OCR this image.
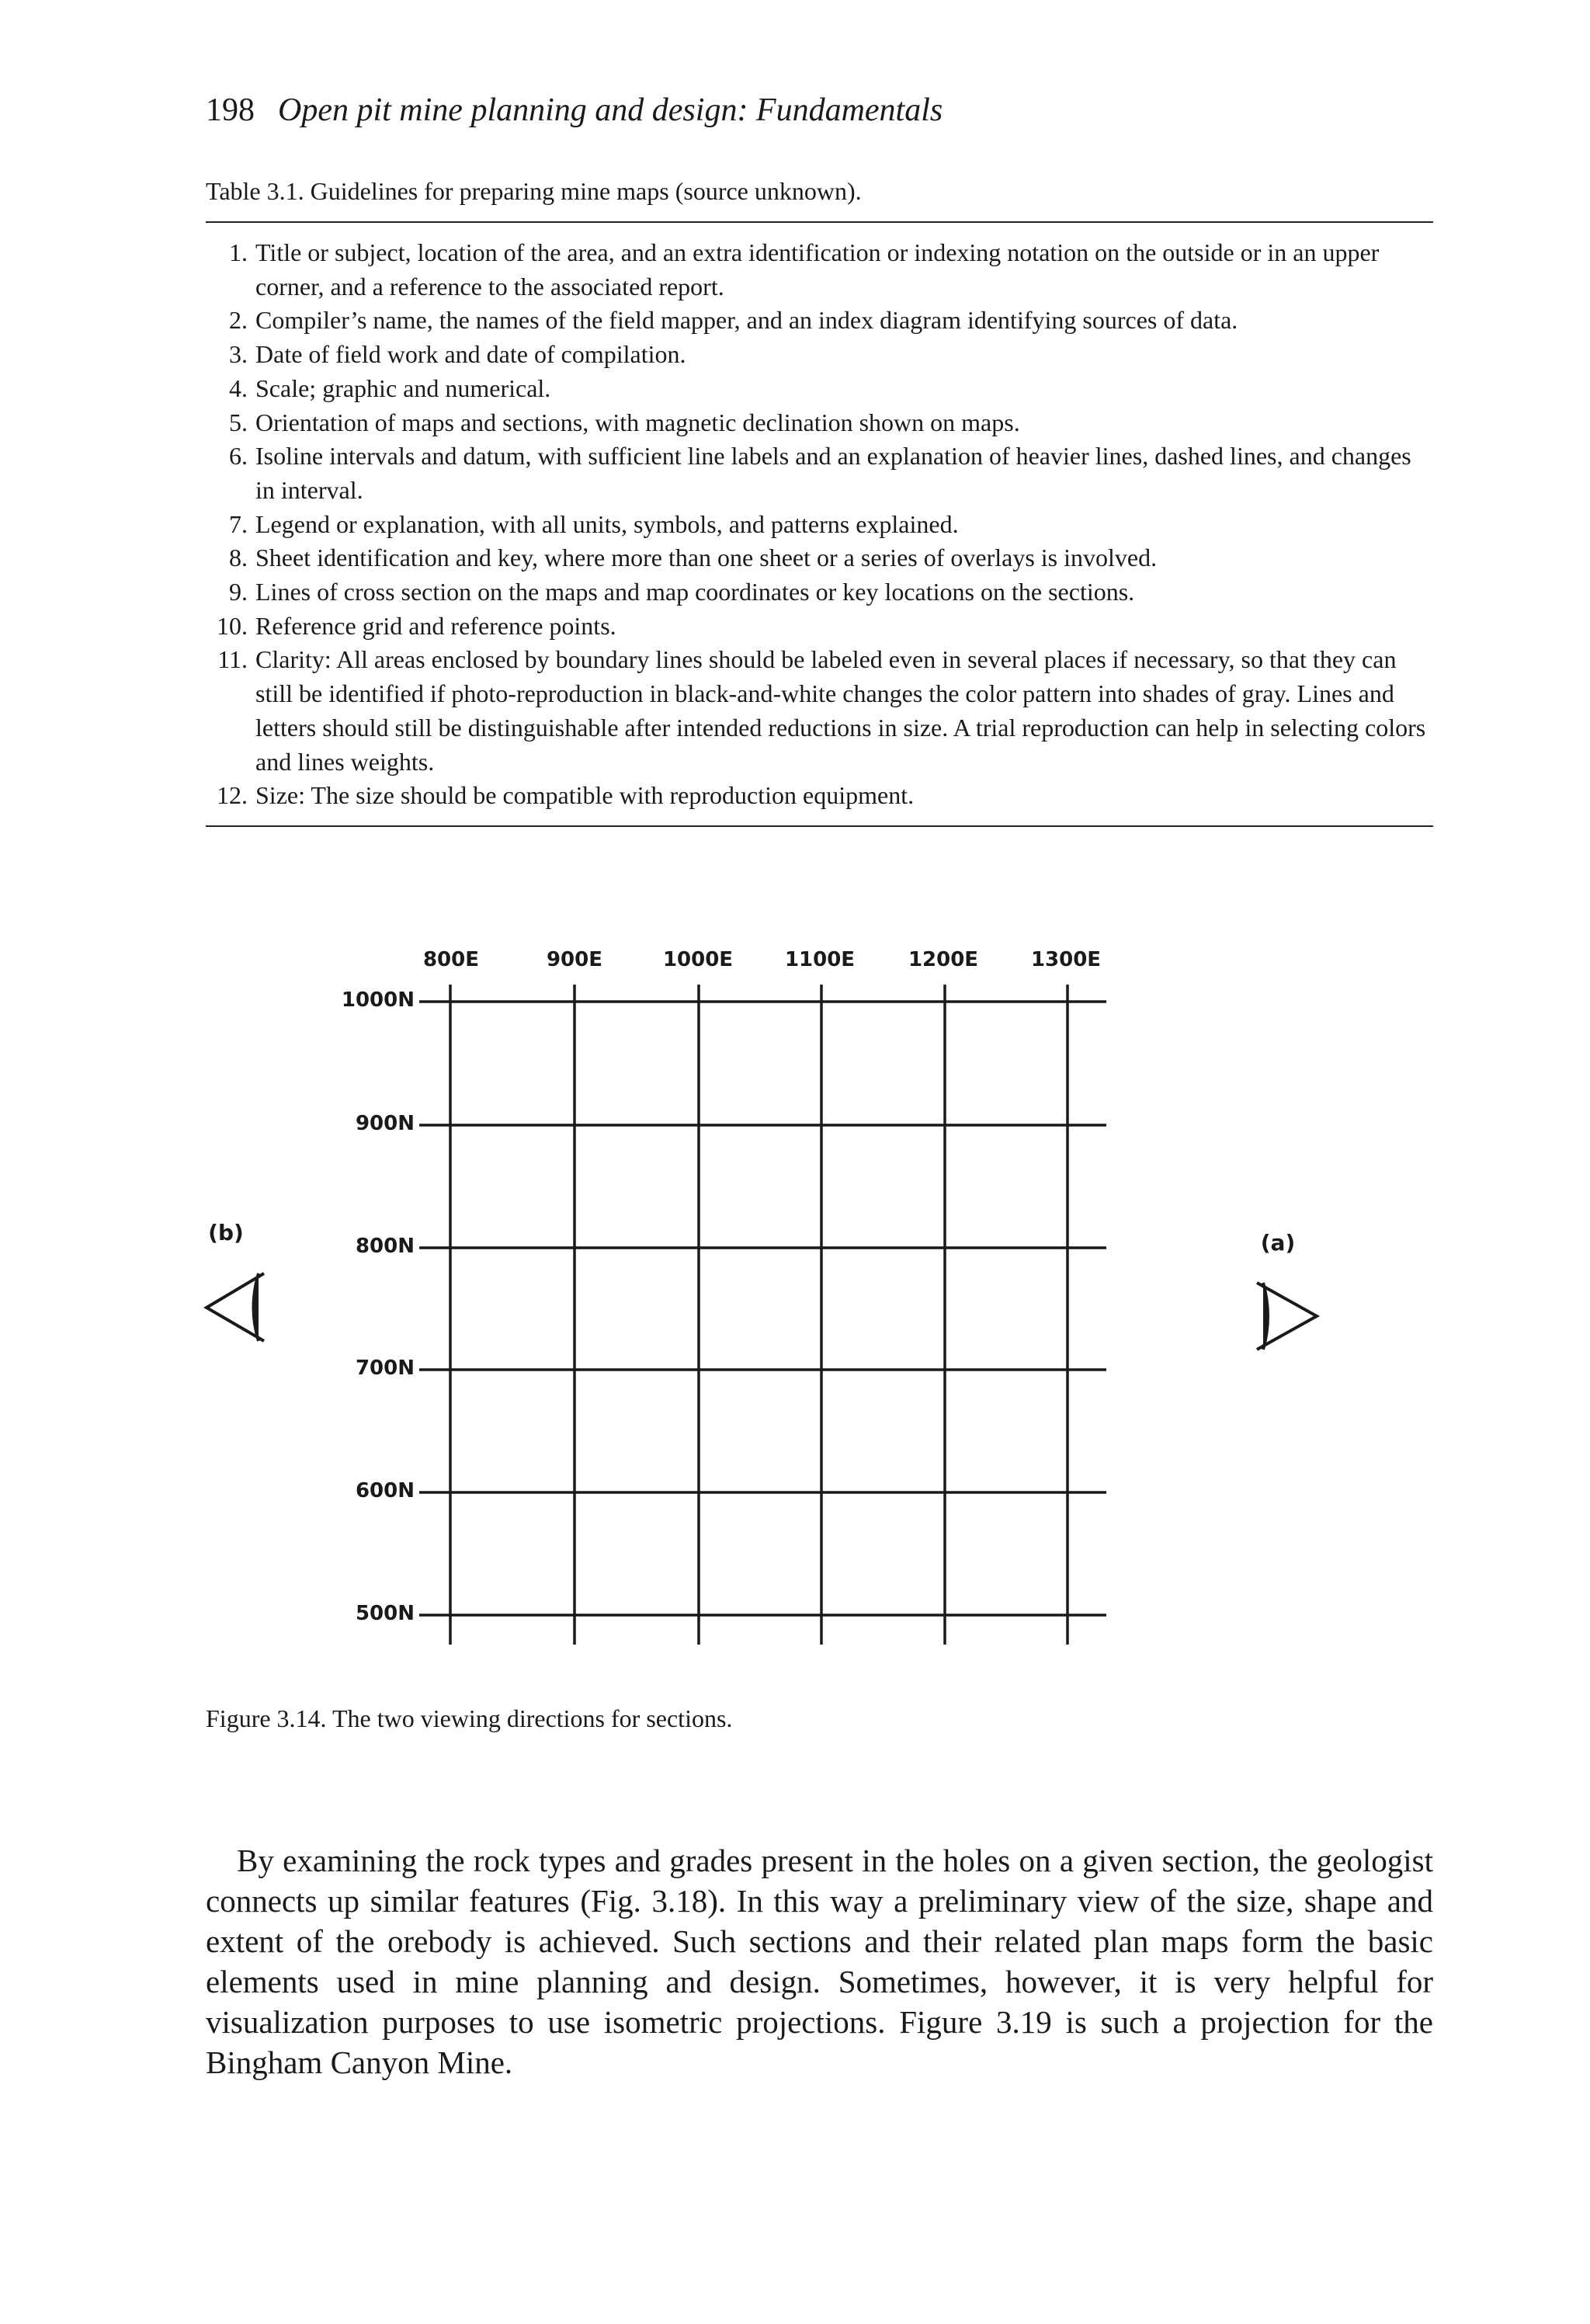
198 Open pit mine planning and design: Fundamentals
Table 3.1. Guidelines for preparing mine maps (source unknown).
1. Title or subject, location of the area, and an extra identification or indexing notation on the outside or in an upper corner, and a reference to the associated report.
2. Compiler’s name, the names of the field mapper, and an index diagram identifying sources of data.
3. Date of field work and date of compilation.
4. Scale; graphic and numerical.
5. Orientation of maps and sections, with magnetic declination shown on maps.
6. Isoline intervals and datum, with sufficient line labels and an explanation of heavier lines, dashed lines, and changes in interval.
7. Legend or explanation, with all units, symbols, and patterns explained.
8. Sheet identification and key, where more than one sheet or a series of overlays is involved.
9. Lines of cross section on the maps and map coordinates or key locations on the sections.
10. Reference grid and reference points.
11. Clarity: All areas enclosed by boundary lines should be labeled even in several places if necessary, so that they can still be identified if photo-reproduction in black-and-white changes the color pattern into shades of gray. Lines and letters should still be distinguishable after intended reductions in size. A trial reproduction can help in selecting colors and lines weights.
12. Size: The size should be compatible with reproduction equipment.
800E	900E	1000E	1100E	1200E	1300E
1000N
900N
800N
700N
600N
500N
(b)	(a)
Figure 3.14. The two viewing directions for sections.

By examining the rock types and grades present in the holes on a given section, the geologist connects up similar features (Fig. 3.18). In this way a preliminary view of the size, shape and extent of the orebody is achieved. Such sections and their related plan maps form the basic elements used in mine planning and design. Sometimes, however, it is very helpful for visualization purposes to use isometric projections. Figure 3.19 is such a projection for the Bingham Canyon Mine.
